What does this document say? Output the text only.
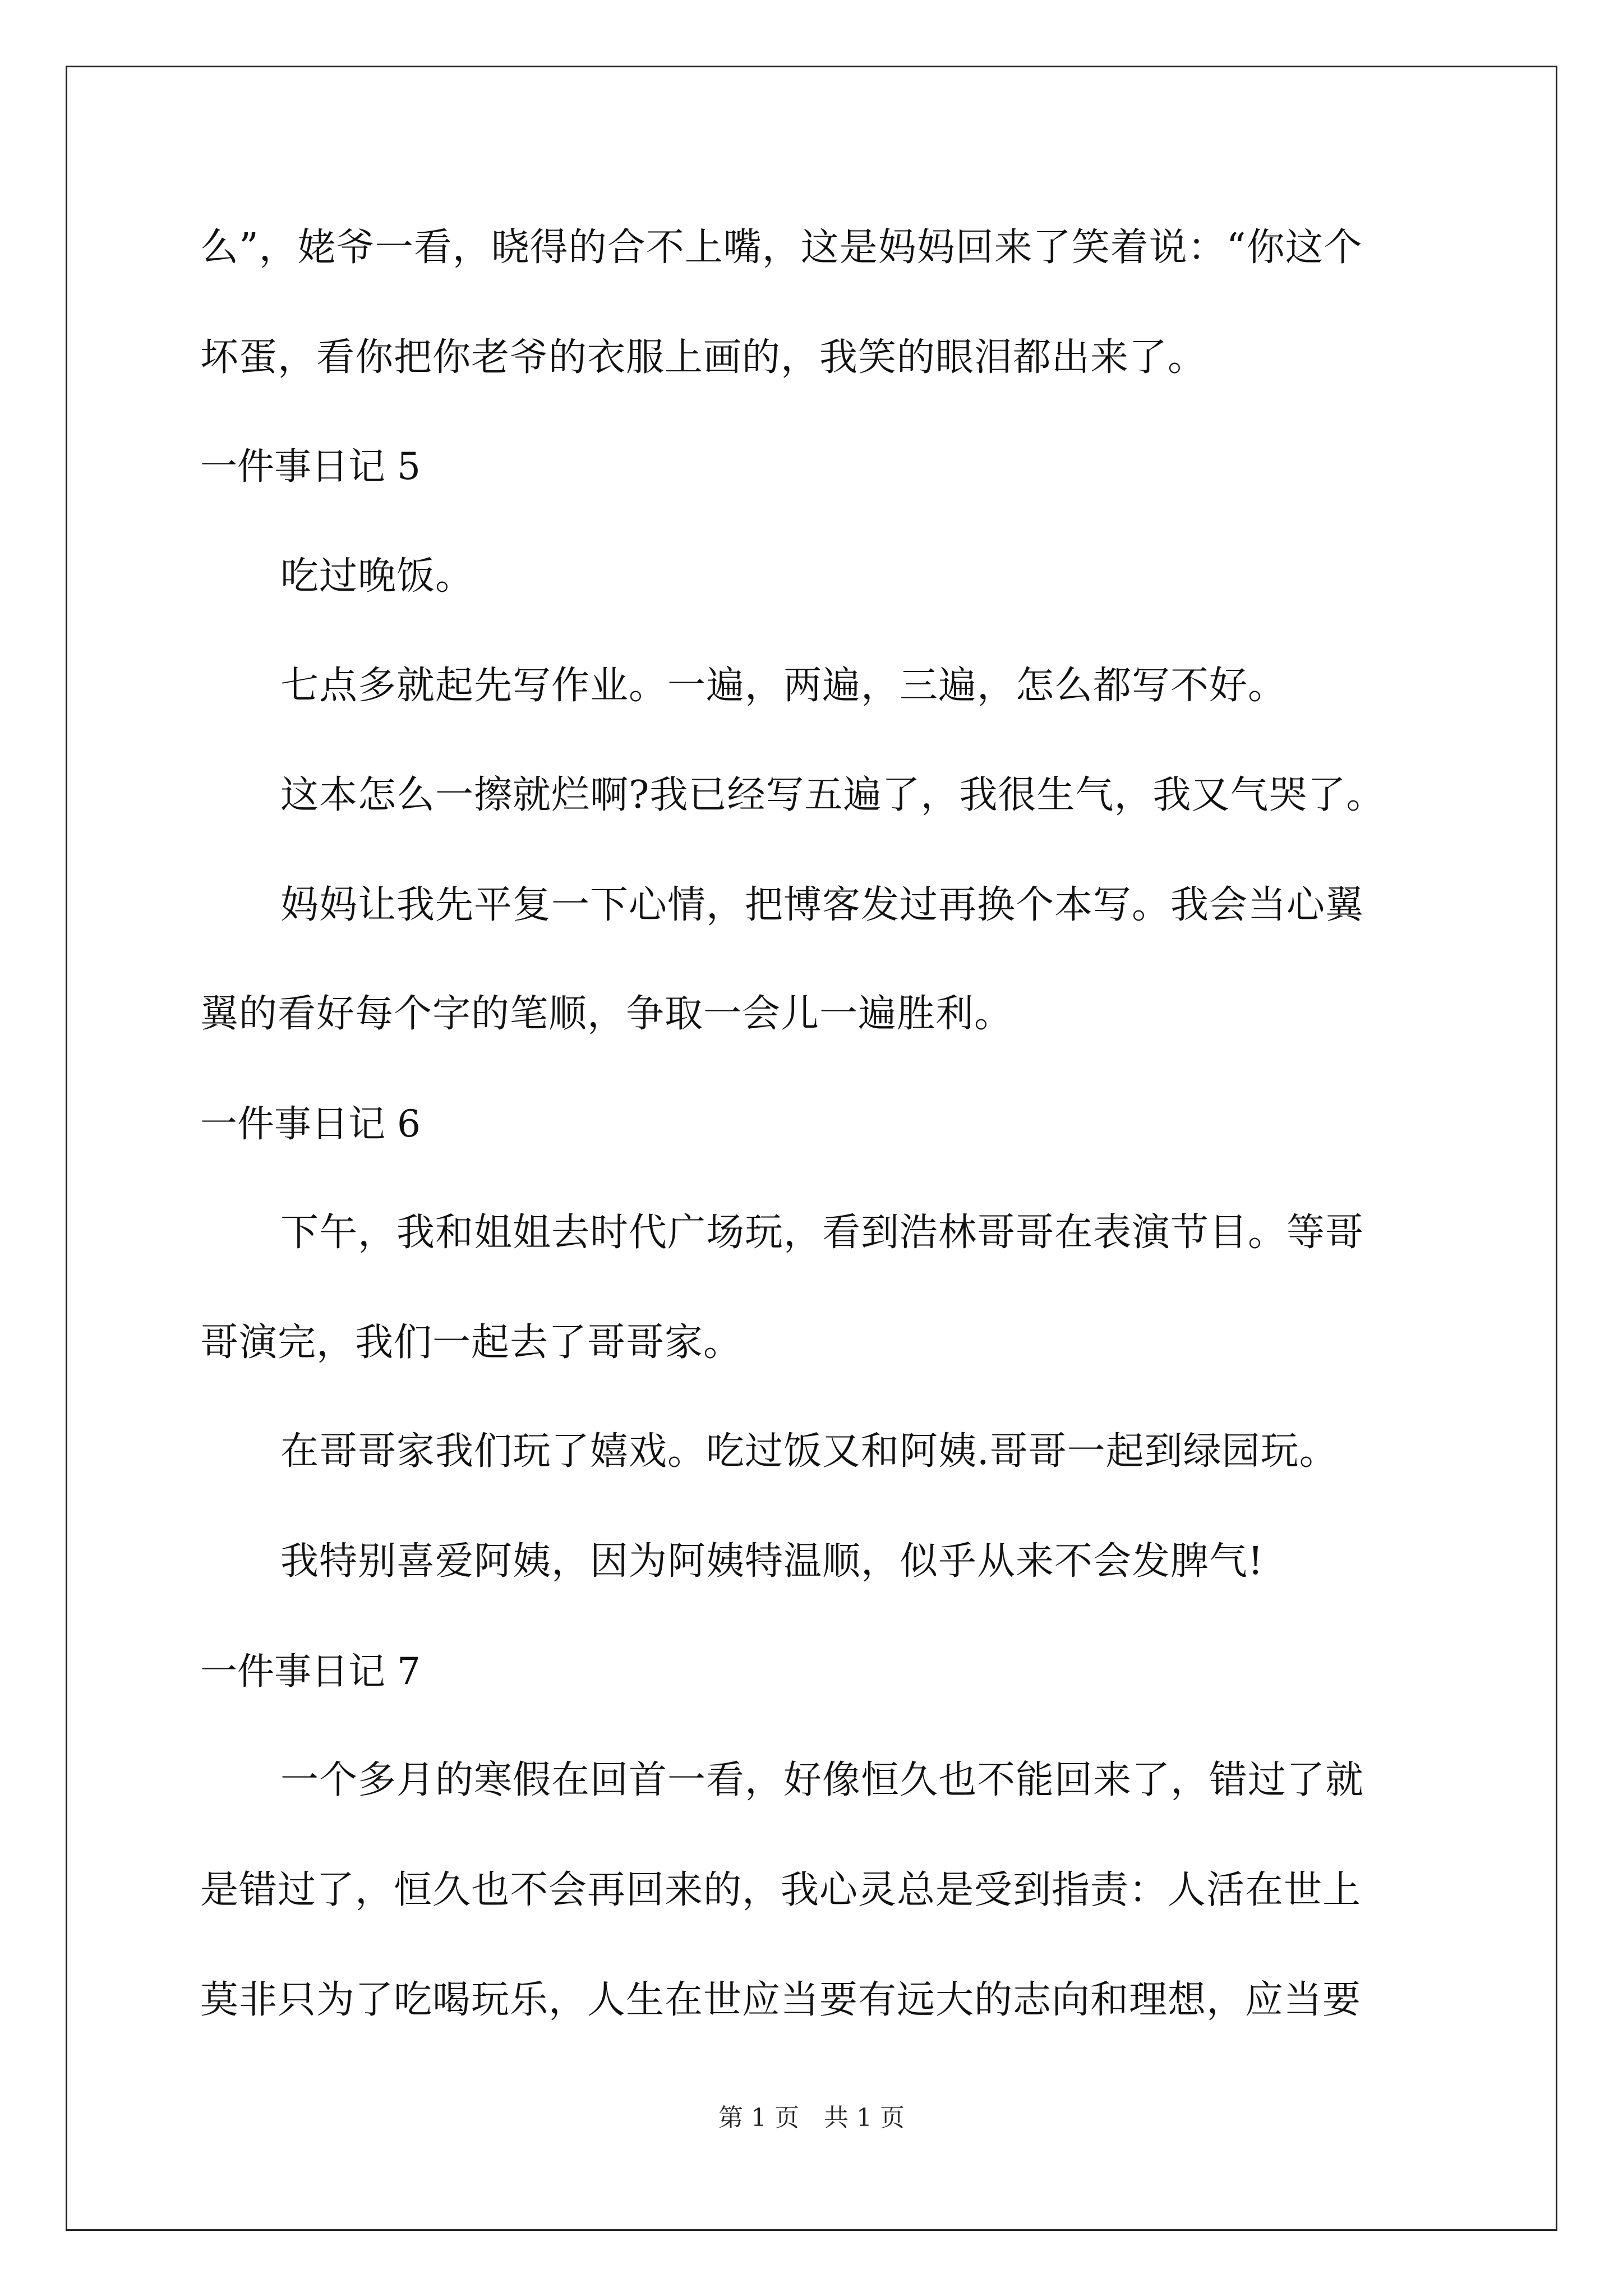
么”，姥爷一看，晓得的合不上嘴，这是妈妈回来了笑着说：“你这个
坏蛋，看你把你老爷的衣服上画的，我笑的眼泪都出来了。
一件事日记 5
吃过晚饭。
七点多就起先写作业。一遍，两遍，三遍，怎么都写不好。
这本怎么一擦就烂啊?我已经写五遍了，我很生气，我又气哭了。
妈妈让我先平复一下心情，把博客发过再换个本写。我会当心翼
翼的看好每个字的笔顺，争取一会儿一遍胜利。
一件事日记 6
下午，我和姐姐去时代广场玩，看到浩林哥哥在表演节目。等哥
哥演完，我们一起去了哥哥家。
在哥哥家我们玩了嬉戏。吃过饭又和阿姨.哥哥一起到绿园玩。
我特别喜爱阿姨，因为阿姨特温顺，似乎从来不会发脾气!
一件事日记 7
一个多月的寒假在回首一看，好像恒久也不能回来了，错过了就
是错过了，恒久也不会再回来的，我心灵总是受到指责：人活在世上
莫非只为了吃喝玩乐，人生在世应当要有远大的志向和理想，应当要
第 1 页　共 1 页
